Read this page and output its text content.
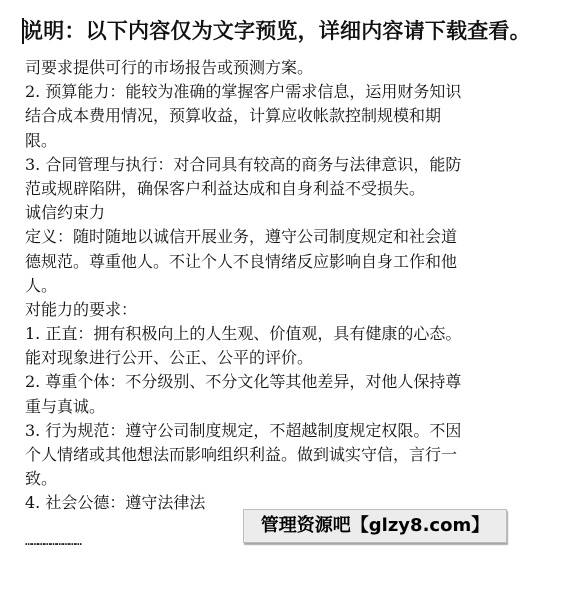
说明：以下内容仅为文字预览，详细内容请下载查看。
司要求提供可行的市场报告或预测方案。
2. 预算能力：能较为准确的掌握客户需求信息，运用财务知识
结合成本费用情况，预算收益，计算应收帐款控制规模和期
限。
3. 合同管理与执行：对合同具有较高的商务与法律意识，能防
范或规辟陷阱，确保客户利益达成和自身利益不受损失。
诚信约束力
定义：随时随地以诚信开展业务，遵守公司制度规定和社会道
德规范。尊重他人。不让个人不良情绪反应影响自身工作和他
人。
对能力的要求：
1. 正直：拥有积极向上的人生观、价值观，具有健康的心态。
能对现象进行公开、公正、公平的评价。
2. 尊重个体：不分级别、不分文化等其他差异，对他人保持尊
重与真诚。
3. 行为规范：遵守公司制度规定，不超越制度规定权限。不因
个人情绪或其他想法而影响组织利益。做到诚实守信，言行一
致。
4. 社会公德：遵守法律法
………………………
管理资源吧【glzy8.com】
